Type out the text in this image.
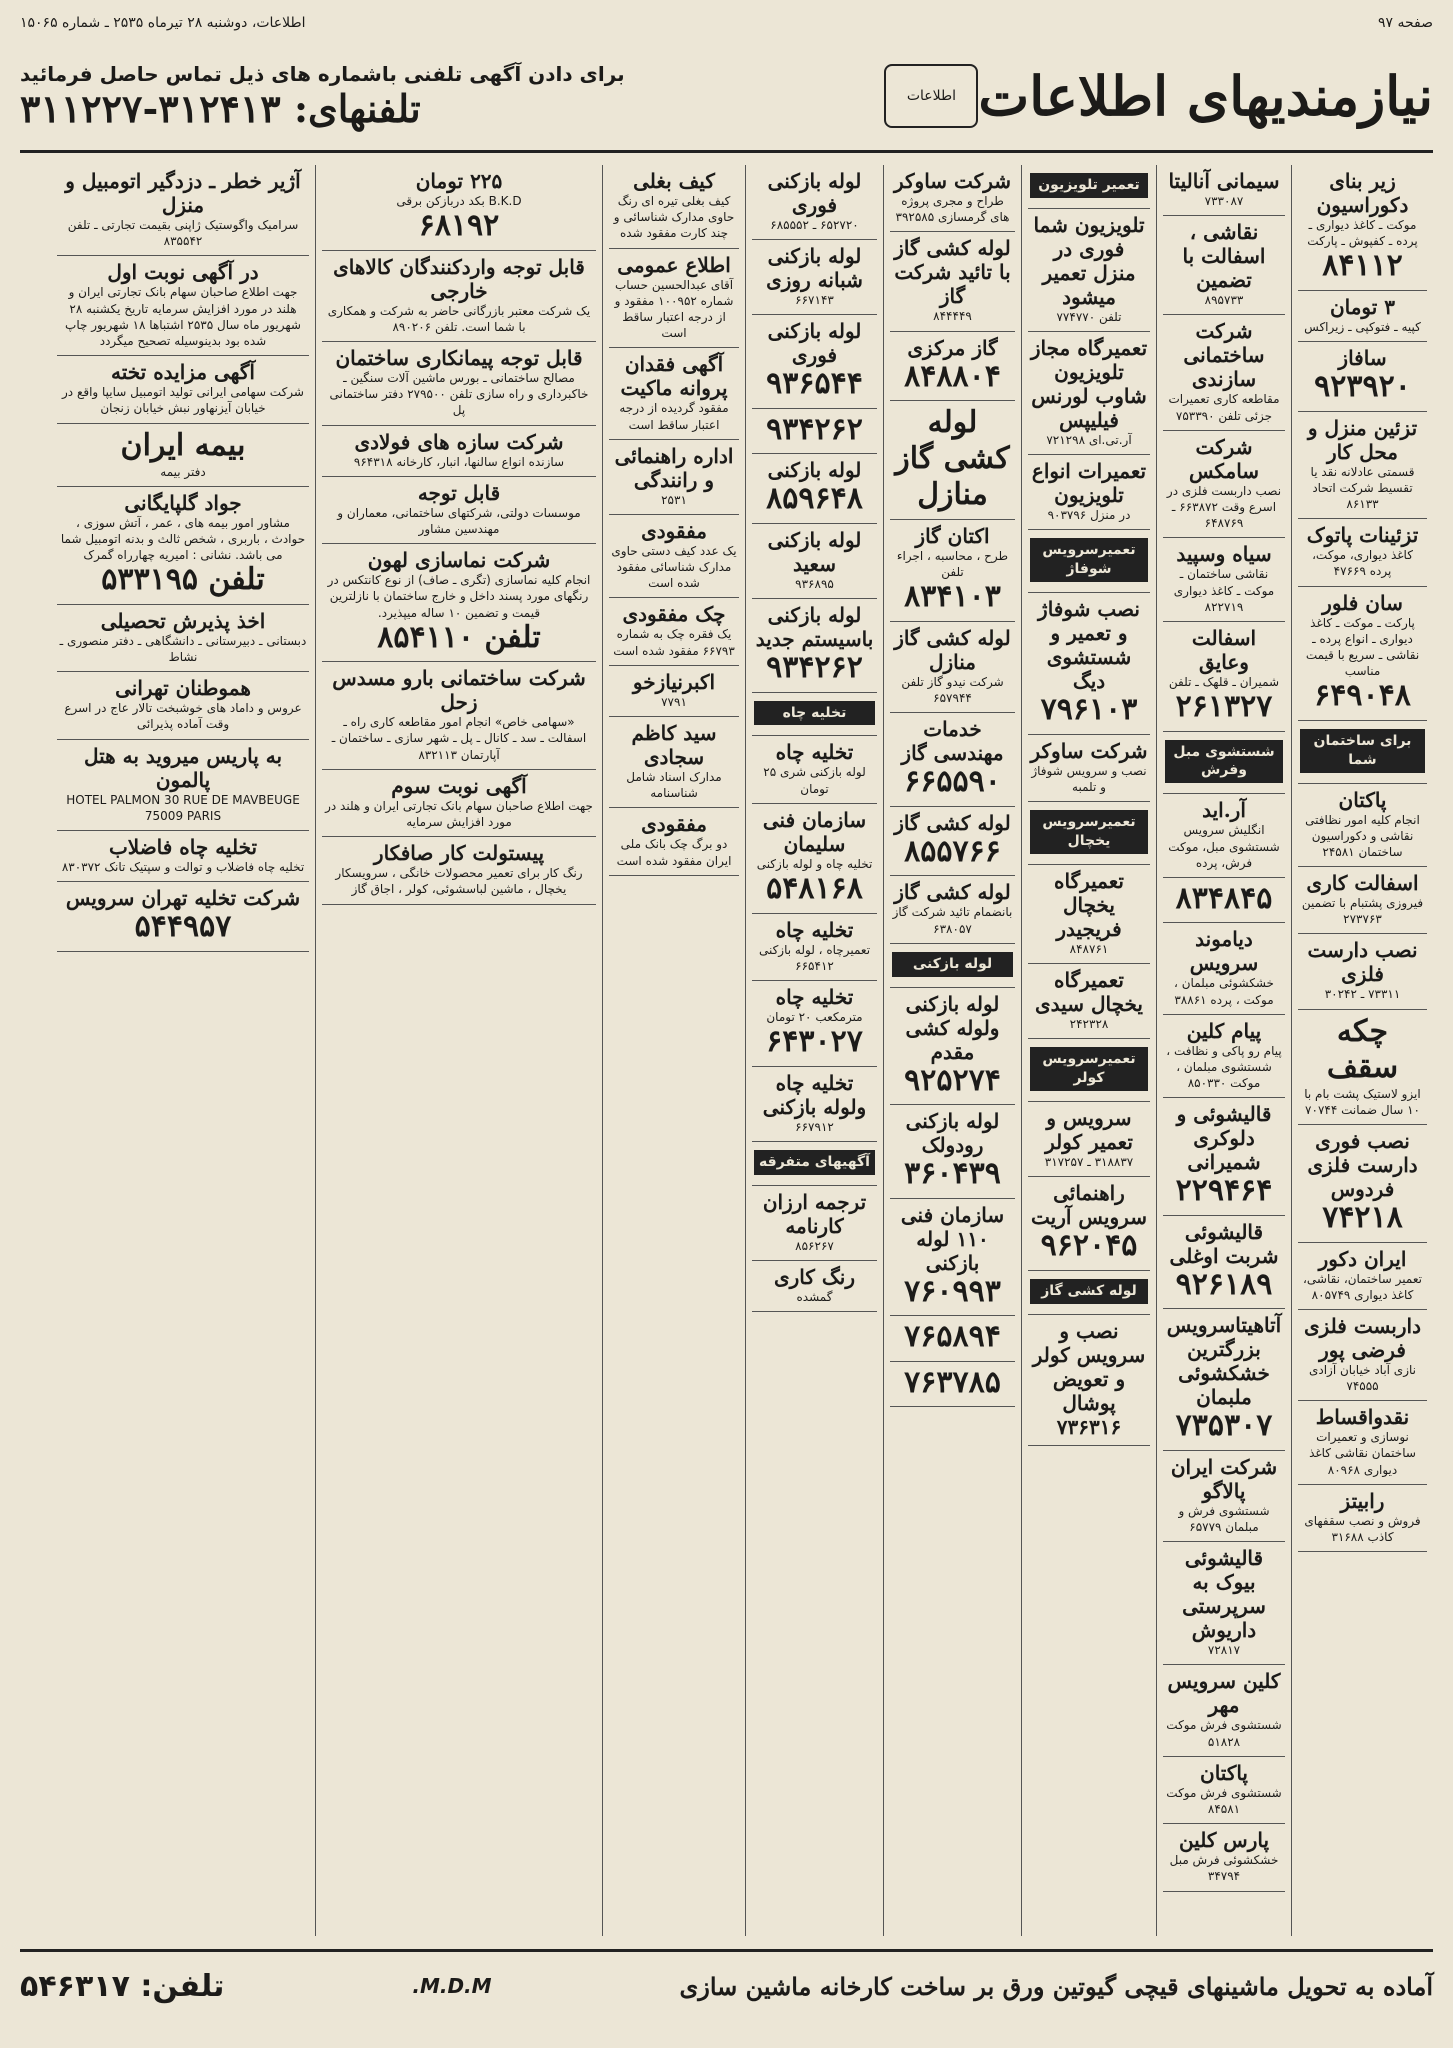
صفحه ۹۷
اطلاعات، دوشنبه ۲۸ تیرماه ۲۵۳۵ ـ شماره ۱۵۰۶۵
نیازمندیهای اطلاعات
اطلاعات
برای دادن آگهی تلفنی باشماره های ذیل تماس حاصل فرمائید
تلفنهای: ۳۱۲۴۱۳-۳۱۱۲۲۷
زیر بنای دکوراسیون
موکت ـ کاغذ دیواری ـ پرده ـ کفپوش ـ پارکت
۸۴۱۱۲
۳ تومان
کپیه ـ فتوکپی ـ زیراکس
سافاز
۹۲۳۹۲۰
تزئین منزل و محل کار
قسمتی عادلانه نقد یا تقسیط شرکت اتحاد ۸۶۱۳۳
تزئینات پاتوک
کاغذ دیواری، موکت، پرده ۴۷۶۶۹
سان فلور
پارکت ـ موکت ـ کاغذ دیواری ـ انواع پرده ـ نقاشی ـ سریع با قیمت مناسب
۶۴۹۰۴۸
برای ساختمان شما
پاکتان
انجام کلیه امور نظافتی نقاشی و دکوراسیون ساختمان ۲۴۵۸۱
اسفالت کاری
فیروزی پشتبام با تضمین ۲۷۳۷۶۳
نصب دارست فلزی
۷۳۳۱۱ ـ ۳۰۲۴۲
چکه سقف
ایزو لاستیک پشت بام با ۱۰ سال ضمانت ۷۰۷۴۴
نصب فوری دارست فلزی فردوس
۷۴۲۱۸
ایران دکور
تعمیر ساختمان، نقاشی، کاغذ دیواری ۸۰۵۷۴۹
داربست فلزی فرضی پور
نازی آباد خیابان آزادی ۷۴۵۵۵
نقدواقساط
نوسازی و تعمیرات ساختمان نقاشی کاغذ دیواری ۸۰۹۶۸
رابیتز
فروش و نصب سقفهای کاذب ۳۱۶۸۸
سیمانی آنالیتا
۷۳۳۰۸۷
نقاشی ، اسفالت با تضمین
۸۹۵۷۳۳
شرکت ساختمانی سازندی
مقاطعه کاری تعمیرات جزئی تلفن ۷۵۳۳۹۰
شرکت سامکس
نصب داربست فلزی در اسرع وقت ۶۶۳۸۷۲ ـ ۶۴۸۷۶۹
سیاه وسپید
نقاشی ساختمان ـ موکت ـ کاغذ دیواری ۸۲۲۷۱۹
اسفالت وعایق
شمیران ـ قلهک ـ تلفن
۲۶۱۳۲۷
شستشوی مبل وفرش
آر.اید
انگلیش سرویس شستشوی مبل، موکت فرش، پرده
۸۳۴۸۴۵
دیاموند سرویس
خشکشوئی مبلمان ، موکت ، پرده ۳۸۸۶۱
پیام کلین
پیام رو پاکی و نظافت ، شستشوی مبلمان ، موکت ۸۵۰۳۳۰
قالیشوئی و دلوکری شمیرانی
۲۲۹۴۶۴
قالیشوئی شربت اوغلی
۹۲۶۱۸۹
آتاهیتاسرویس بزرگترین خشکشوئی ملبمان
۷۳۵۳۰۷
شرکت ایران پالاگو
شستشوی فرش و مبلمان ۶۵۷۷۹
قالیشوئی بیوک به سرپرستی داریوش
۷۲۸۱۷
کلین سرویس مهر
شستشوی فرش موکت ۵۱۸۲۸
پاکتان
شستشوی فرش موکت ۸۴۵۸۱
پارس کلین
خشکشوئی فرش مبل ۳۴۷۹۴
تعمیر تلویزیون
تلویزیون شما فوری در منزل تعمیر میشود
تلفن ۷۷۴۷۷۰
تعمیرگاه مجاز تلویزیون شاوب لورنس فیلیپس
آر.تی.ای ۷۲۱۲۹۸
تعمیرات انواع تلویزیون
در منزل ۹۰۳۷۹۶
تعمیرسرویس شوفاژ
نصب شوفاژ و تعمیر و شستشوی دیگ
۷۹۶۱۰۳
شرکت ساوکر
نصب و سرویس شوفاژ و تلمبه
تعمیرسرویس یخچال
تعمیرگاه یخچال فریجیدر
۸۴۸۷۶۱
تعمیرگاه یخچال سیدی
۲۴۲۳۲۸
تعمیرسرویس کولر
سرویس و تعمیر کولر
۳۱۸۸۳۷ ـ ۳۱۷۲۵۷
راهنمائی سرویس آریت
۹۶۲۰۴۵
لوله کشی گاز
نصب و سرویس کولر و تعویض پوشال ۷۳۶۳۱۶
شرکت ساوکر
طراح و مجری پروژه های گرمسازی ۳۹۲۵۸۵
لوله کشی گاز با تائید شرکت گاز
۸۴۴۴۴۹
گاز مرکزی
۸۴۸۸۰۴
لوله کشی گاز منازل
اکتان گاز
طرح ، محاسبه ، اجراء تلفن
۸۳۴۱۰۳
لوله کشی گاز منازل
شرکت نیدو گاز تلفن ۶۵۷۹۴۴
خدمات مهندسی گاز
۶۶۵۵۹۰
لوله کشی گاز
۸۵۵۷۶۶
لوله کشی گاز
بانضمام تائید شرکت گاز ۶۳۸۰۵۷
لوله بازکنی
لوله بازکنی ولوله کشی مقدم
۹۲۵۲۷۴
لوله بازکنی رودولک
۳۶۰۴۳۹
سازمان فنی ۱۱۰ لوله بازکنی
۷۶۰۹۹۳
۷۶۵۸۹۴
۷۶۳۷۸۵
لوله بازکنی فوری
۶۵۲۷۲۰ ـ ۶۸۵۵۵۲
لوله بازکنی شبانه روزی
۶۶۷۱۴۳
لوله بازکنی فوری
۹۳۶۵۴۴
۹۳۴۲۶۲
لوله بازکنی
۸۵۹۶۴۸
لوله بازکنی سعید
۹۳۶۸۹۵
لوله بازکنی باسیستم جدید
۹۳۴۲۶۲
تخلیه چاه
تخلیه چاه
لوله بازکنی شری ۲۵ تومان
سازمان فنی سلیمان
تخلیه چاه و لوله بازکنی
۵۴۸۱۶۸
تخلیه چاه
تعمیرچاه ، لوله بازکنی ۶۶۵۴۱۲
تخلیه چاه
مترمکعب ۲۰ تومان
۶۴۳۰۲۷
تخلیه چاه ولوله بازکنی
۶۶۷۹۱۲
آگهیهای متفرقه
ترجمه ارزان کارنامه
۸۵۶۲۶۷
رنگ کاری
گمشده
کیف بغلی
کیف بغلی تیره ای رنگ حاوی مدارک شناسائی و چند کارت مفقود شده
اطلاع عمومی
آقای عبدالحسین حساب شماره ۱۰۰۹۵۲ مفقود و از درجه اعتبار ساقط است
آگهی فقدان پروانه ماکیت
مفقود گردیده از درجه اعتبار ساقط است
اداره راهنمائی و رانندگی
۲۵۳۱
مفقودی
یک عدد کیف دستی حاوی مدارک شناسائی مفقود شده است
چک مفقودی
یک فقره چک به شماره ۶۶۷۹۳ مفقود شده است
اکبرنیازخو
۷۷۹۱
سید کاظم سجادی
مدارک اسناد شامل شناسنامه
مفقودی
دو برگ چک بانک ملی ایران مفقود شده است
۲۲۵ تومان
B.K.D بکد دربازکن برقی
۶۸۱۹۲
قابل توجه واردکنندگان کالاهای خارجی
یک شرکت معتبر بازرگانی حاضر به شرکت و همکاری با شما است. تلفن ۸۹۰۲۰۶
قابل توجه پیمانکاری ساختمان
مصالح ساختمانی ـ بورس ماشین آلات سنگین ـ خاکبرداری و راه سازی تلفن ۲۷۹۵۰۰ دفتر ساختمانی پل
شرکت سازه های فولادی
سازنده انواع سالنها، انبار، کارخانه ۹۶۴۳۱۸
قابل توجه
موسسات دولتی، شرکتهای ساختمانی، معماران و مهندسین مشاور
شرکت نماسازی لهون
انجام کلیه نماسازی (تگری ـ صاف) از نوع کانتکس در رنگهای مورد پسند داخل و خارج ساختمان با نازلترین قیمت و تضمین ۱۰ ساله میپذیرد.
تلفن ۸۵۴۱۱۰
شرکت ساختمانی بارو مسدس زحل
«سهامی خاص» انجام امور مقاطعه کاری راه ـ اسفالت ـ سد ـ کانال ـ پل ـ شهر سازی ـ ساختمان ـ آپارتمان ۸۳۲۱۱۳
آگهی نوبت سوم
جهت اطلاع صاحبان سهام بانک تجارتی ایران و هلند در مورد افزایش سرمایه
پیستولت کار صافکار
رنگ کار برای تعمیر محصولات خانگی ، سرویسکار یخچال ، ماشین لباسشوئی، کولر ، اجاق گاز
آژیر خطر ـ دزدگیر اتومبیل و منزل
سرامیک واگوستیک ژاپنی بقیمت تجارتی ـ تلفن ۸۳۵۵۴۲
در آگهی نوبت اول
جهت اطلاع صاحبان سهام بانک تجارتی ایران و هلند در مورد افزایش سرمایه تاریخ یکشنبه ۲۸ شهریور ماه سال ۲۵۳۵ اشتباها ۱۸ شهریور چاپ شده بود بدینوسیله تصحیح میگردد
آگهی مزایده تخته
شرکت سهامی ایرانی تولید اتومبیل سایپا واقع در خیابان آیزنهاور نبش خیابان زنجان
بیمه ایران
دفتر بیمه
جواد گلپایگانی
مشاور امور بیمه های ، عمر ، آتش سوزی ، حوادث ، باربری ، شخص ثالث و بدنه اتومبیل شما می باشد. نشانی : امیریه چهارراه گمرک
تلفن ۵۳۳۱۹۵
اخذ پذیرش تحصیلی
دبستانی ـ دبیرستانی ـ دانشگاهی ـ دفتر منصوری ـ نشاط
هموطنان تهرانی
عروس و داماد های خوشبخت تالار عاج در اسرع وقت آماده پذیرائی
به پاریس میروید به هتل پالمون
HOTEL PALMON 30 RUE DE MAVBEUGE 75009 PARIS
تخلیه چاه فاضلاب
تخلیه چاه فاضلاب و توالت و سپتیک تانک ۸۳۰۳۷۲
شرکت تخلیه تهران سرویس
۵۴۴۹۵۷
آماده به تحویل ماشینهای قیچی گیوتین ورق بر ساخت کارخانه ماشین سازی
M.D.M.
تلفن: ۵۴۶۳۱۷
